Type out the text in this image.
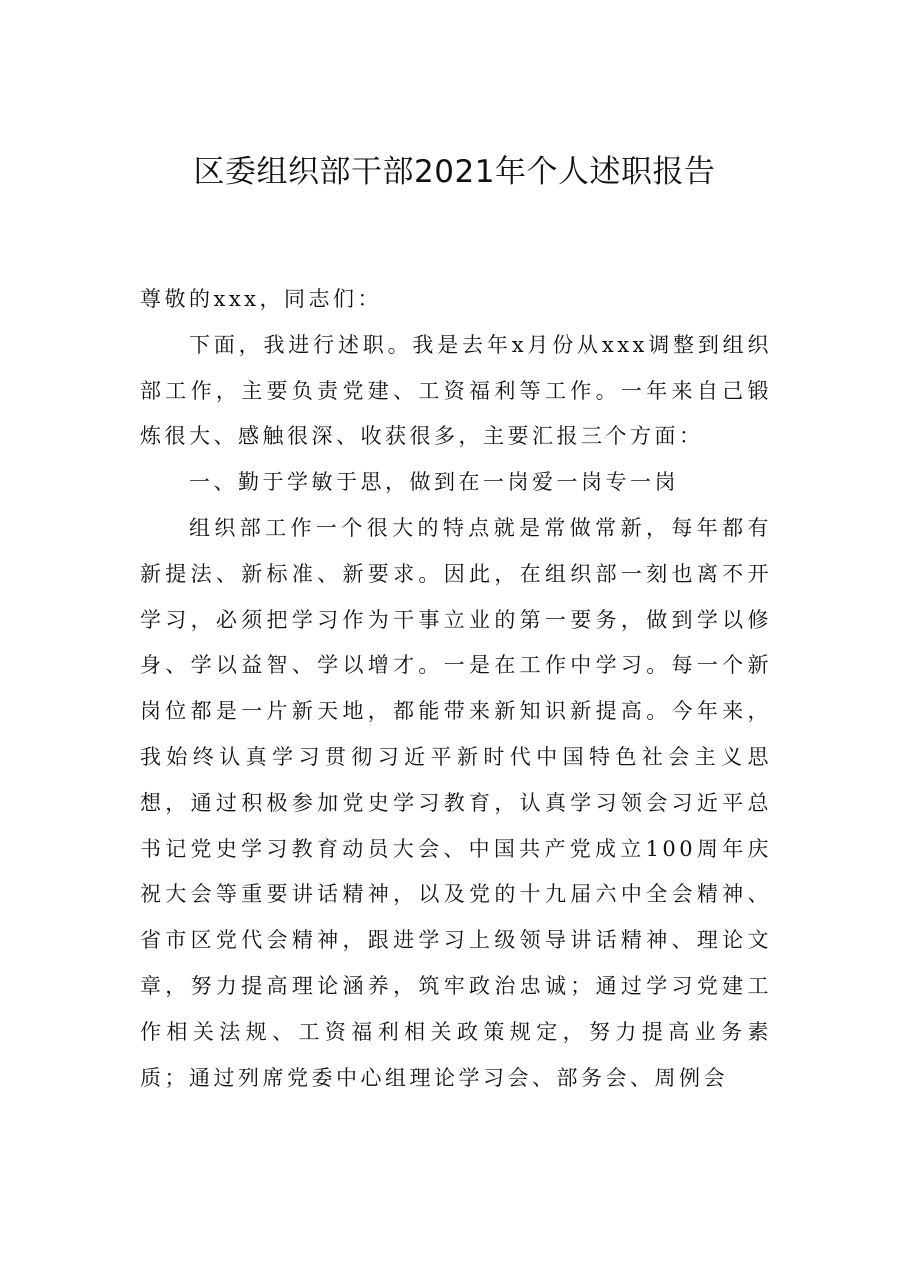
区委组织部干部2021年个人述职报告

尊敬的xxx，同志们：

下面，我进行述职。我是去年x月份从xxx调整到组织部工作，主要负责党建、工资福利等工作。一年来自己锻炼很大、感触很深、收获很多，主要汇报三个方面：

一、勤于学敏于思，做到在一岗爱一岗专一岗

组织部工作一个很大的特点就是常做常新，每年都有新提法、新标准、新要求。因此，在组织部一刻也离不开学习，必须把学习作为干事立业的第一要务，做到学以修身、学以益智、学以增才。一是在工作中学习。每一个新岗位都是一片新天地，都能带来新知识新提高。今年来，我始终认真学习贯彻习近平新时代中国特色社会主义思想，通过积极参加党史学习教育，认真学习领会习近平总书记党史学习教育动员大会、中国共产党成立100周年庆祝大会等重要讲话精神，以及党的十九届六中全会精神、省市区党代会精神，跟进学习上级领导讲话精神、理论文章，努力提高理论涵养，筑牢政治忠诚；通过学习党建工作相关法规、工资福利相关政策规定，努力提高业务素质；通过列席党委中心组理论学习会、部务会、周例会
